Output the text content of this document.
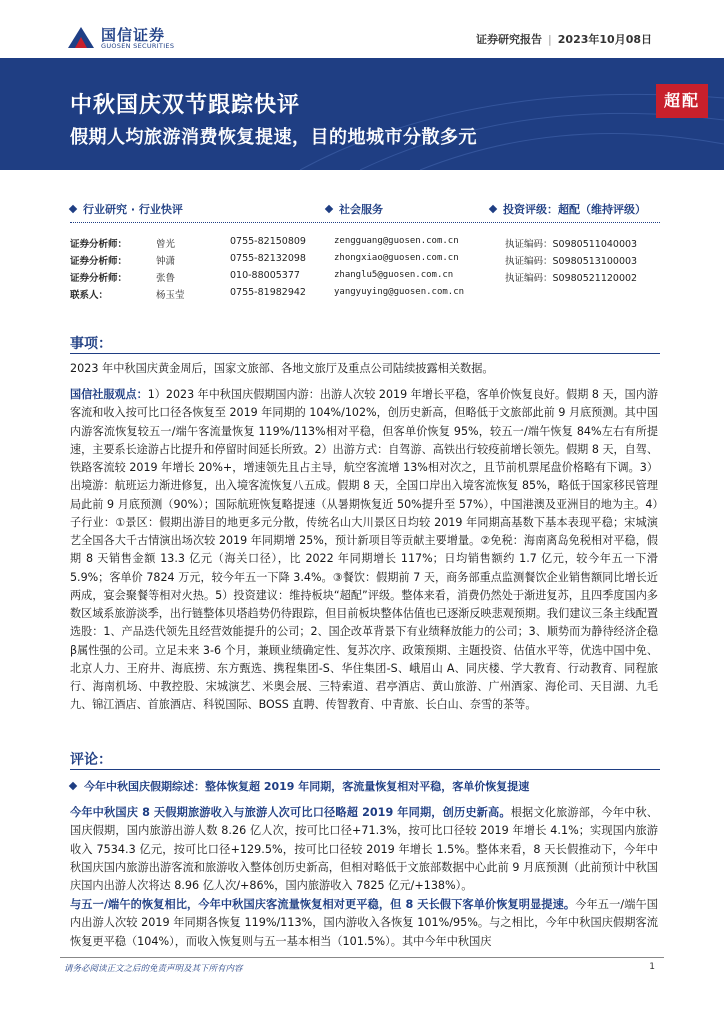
国信证券
GUOSEN SECURITIES	证券研究报告 | 2023年10月08日
中秋国庆双节跟踪快评
假期人均旅游消费恢复提速，目的地城市分散多元
超配
行业研究 · 行业快评	社会服务	投资评级：超配（维持评级）
证券分析师：	曾光	0755-82150809	zengguang@guosen.com.cn	执证编码：S0980511040003
证券分析师：	钟潇	0755-82132098	zhongxiao@guosen.com.cn	执证编码：S0980513100003
证券分析师：	张鲁	010-88005377	zhanglu5@guosen.com.cn	执证编码：S0980521120002
联系人：	杨玉莹	0755-81982942	yangyuying@guosen.com.cn
事项：
2023 年中秋国庆黄金周后，国家文旅部、各地文旅厅及重点公司陆续披露相关数据。
国信社服观点：1）2023 年中秋国庆假期国内游：出游人次较 2019 年增长平稳，客单价恢复良好。假期 8 天，国内游客流和收入按可比口径各恢复至 2019 年同期的 104%/102%，创历史新高，但略低于文旅部此前 9 月底预测。其中国内游客流恢复较五一/端午客流量恢复 119%/113%相对平稳，但客单价恢复 95%，较五一/端午恢复 84%左右有所提速，主要系长途游占比提升和停留时间延长所致。2）出游方式：自驾游、高铁出行较疫前增长领先。假期 8 天，自驾、铁路客流较 2019 年增长 20%+，增速领先且占主导，航空客流增 13%相对次之，且节前机票尾盘价格略有下调。3）出境游：航班运力渐进修复，出入境客流恢复八五成。假期 8 天，全国口岸出入境客流恢复 85%，略低于国家移民管理局此前 9 月底预测（90%）；国际航班恢复略提速（从暑期恢复近 50%提升至 57%），中国港澳及亚洲目的地为主。4）子行业：①景区：假期出游目的地更多元分散，传统名山大川景区日均较 2019 年同期高基数下基本表现平稳；宋城演艺全国各大千古情演出场次较 2019 年同期增 25%，预计新项目等贡献主要增量。②免税：海南离岛免税相对平稳，假期 8 天销售金额 13.3 亿元（海关口径），比 2022 年同期增长 117%；日均销售额约 1.7 亿元，较今年五一下滑 5.9%；客单价 7824 万元，较今年五一下降 3.4%。③餐饮：假期前 7 天，商务部重点监测餐饮企业销售额同比增长近两成，宴会聚餐等相对火热。5）投资建议：维持板块“超配”评级。整体来看，消费仍然处于渐进复苏，且四季度国内多数区域系旅游淡季，出行链整体贝塔趋势仍待跟踪，但目前板块整体估值也已逐渐反映悲观预期。我们建议三条主线配置选股：1、产品迭代领先且经营效能提升的公司；2、国企改革背景下有业绩释放能力的公司；3、顺势而为静待经济企稳β属性强的公司。立足未来 3-6 个月，兼顾业绩确定性、复苏次序、政策预期、主题投资、估值水平等，优选中国中免、北京人力、王府井、海底捞、东方甄选、携程集团-S、华住集团-S、峨眉山 A、同庆楼、学大教育、行动教育、同程旅行、海南机场、中教控股、宋城演艺、米奥会展、三特索道、君亭酒店、黄山旅游、广州酒家、海伦司、天目湖、九毛九、锦江酒店、首旅酒店、科锐国际、BOSS 直聘、传智教育、中青旅、长白山、奈雪的茶等。
评论：
今年中秋国庆假期综述：整体恢复超 2019 年同期，客流量恢复相对平稳，客单价恢复提速
今年中秋国庆 8 天假期旅游收入与旅游人次可比口径略超 2019 年同期，创历史新高。根据文化旅游部，今年中秋、国庆假期，国内旅游出游人数 8.26 亿人次，按可比口径+71.3%，按可比口径较 2019 年增长 4.1%；实现国内旅游收入 7534.3 亿元，按可比口径+129.5%，按可比口径较 2019 年增长 1.5%。整体来看，8 天长假推动下，今年中秋国庆国内旅游出游客流和旅游收入整体创历史新高，但相对略低于文旅部数据中心此前 9 月底预测（此前预计中秋国庆国内出游人次将达 8.96 亿人次/+86%，国内旅游收入 7825 亿元/+138%）。
与五一/端午的恢复相比，今年中秋国庆客流量恢复相对更平稳，但 8 天长假下客单价恢复明显提速。今年五一/端午国内出游人次较 2019 年同期各恢复 119%/113%，国内游收入各恢复 101%/95%。与之相比，今年中秋国庆假期客流恢复更平稳（104%），而收入恢复则与五一基本相当（101.5%）。其中今年中秋国庆
请务必阅读正文之后的免责声明及其下所有内容	1
